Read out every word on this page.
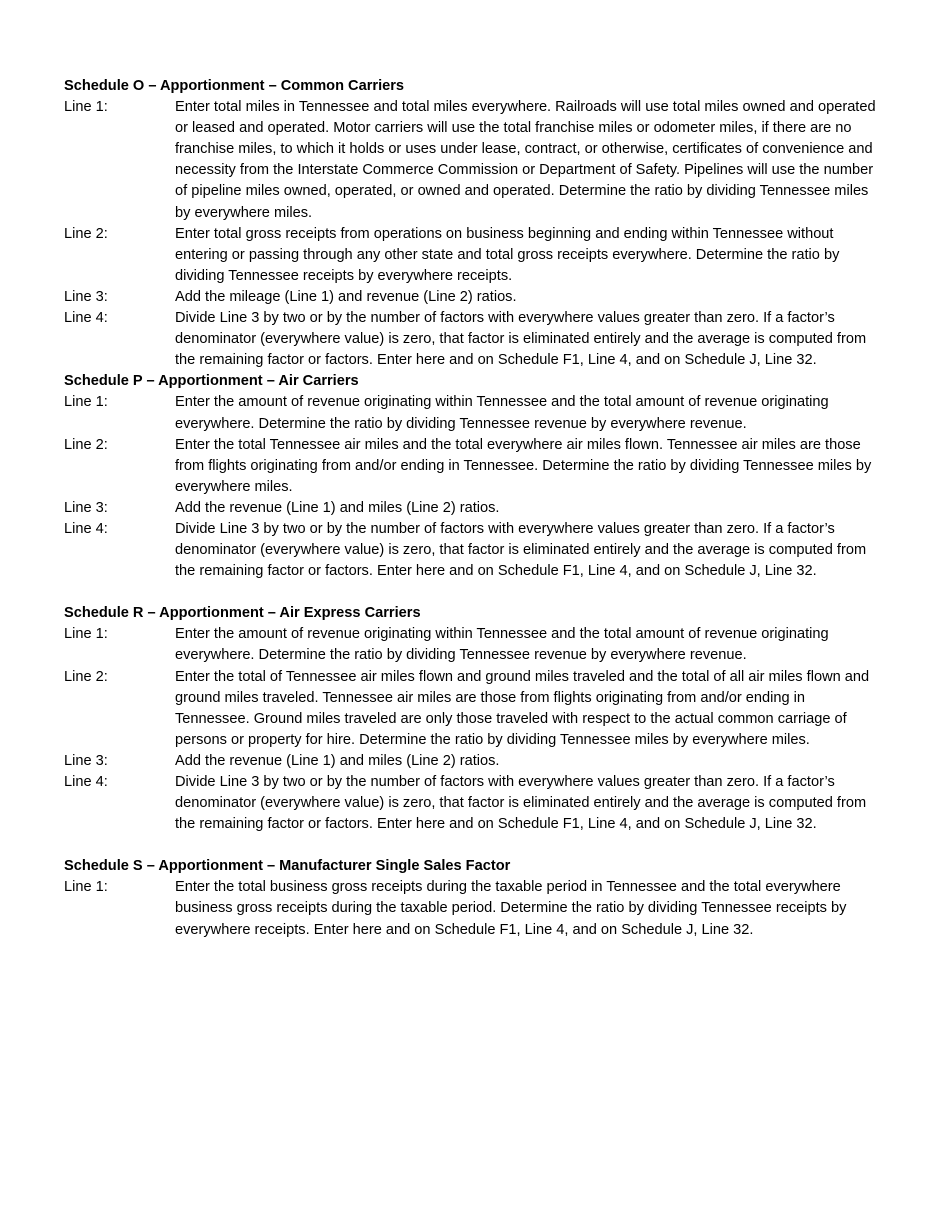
Schedule O – Apportionment – Common Carriers
Line 1:	Enter total miles in Tennessee and total miles everywhere. Railroads will use total miles owned and operated or leased and operated. Motor carriers will use the total franchise miles or odometer miles, if there are no franchise miles, to which it holds or uses under lease, contract, or otherwise, certificates of convenience and necessity from the Interstate Commerce Commission or Department of Safety. Pipelines will use the number of pipeline miles owned, operated, or owned and operated. Determine the ratio by dividing Tennessee miles by everywhere miles.
Line 2:	Enter total gross receipts from operations on business beginning and ending within Tennessee without entering or passing through any other state and total gross receipts everywhere. Determine the ratio by dividing Tennessee receipts by everywhere receipts.
Line 3:	Add the mileage (Line 1) and revenue (Line 2) ratios.
Line 4:	Divide Line 3 by two or by the number of factors with everywhere values greater than zero. If a factor’s denominator (everywhere value) is zero, that factor is eliminated entirely and the average is computed from the remaining factor or factors. Enter here and on Schedule F1, Line 4, and on Schedule J, Line 32.
Schedule P – Apportionment – Air Carriers
Line 1:	Enter the amount of revenue originating within Tennessee and the total amount of revenue originating everywhere. Determine the ratio by dividing Tennessee revenue by everywhere revenue.
Line 2:	Enter the total Tennessee air miles and the total everywhere air miles flown. Tennessee air miles are those from flights originating from and/or ending in Tennessee. Determine the ratio by dividing Tennessee miles by everywhere miles.
Line 3:	Add the revenue (Line 1) and miles (Line 2) ratios.
Line 4:	Divide Line 3 by two or by the number of factors with everywhere values greater than zero. If a factor’s denominator (everywhere value) is zero, that factor is eliminated entirely and the average is computed from the remaining factor or factors. Enter here and on Schedule F1, Line 4, and on Schedule J, Line 32.
Schedule R – Apportionment – Air Express Carriers
Line 1:	Enter the amount of revenue originating within Tennessee and the total amount of revenue originating everywhere. Determine the ratio by dividing Tennessee revenue by everywhere revenue.
Line 2:	Enter the total of Tennessee air miles flown and ground miles traveled and the total of all air miles flown and ground miles traveled. Tennessee air miles are those from flights originating from and/or ending in Tennessee. Ground miles traveled are only those traveled with respect to the actual common carriage of persons or property for hire. Determine the ratio by dividing Tennessee miles by everywhere miles.
Line 3:	Add the revenue (Line 1) and miles (Line 2) ratios.
Line 4:	Divide Line 3 by two or by the number of factors with everywhere values greater than zero. If a factor’s denominator (everywhere value) is zero, that factor is eliminated entirely and the average is computed from the remaining factor or factors. Enter here and on Schedule F1, Line 4, and on Schedule J, Line 32.
Schedule S – Apportionment – Manufacturer Single Sales Factor
Line 1:	Enter the total business gross receipts during the taxable period in Tennessee and the total everywhere business gross receipts during the taxable period. Determine the ratio by dividing Tennessee receipts by everywhere receipts. Enter here and on Schedule F1, Line 4, and on Schedule J, Line 32.
